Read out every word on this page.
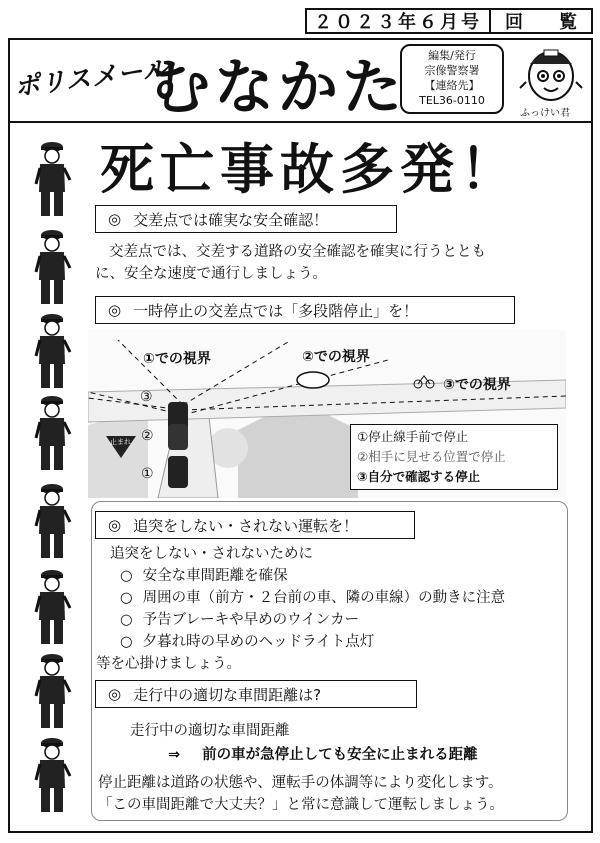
２０２３年６月号	回 覧
ポリスメール
むなかた	編集/発行
宗像警察署
【連絡先】
TEL36-0110
ふっけい君
死亡事故多発！
◎ 交差点では確実な安全確認！
交差点では、交差する道路の安全確認を確実に行うととも
に、安全な速度で通行しましょう。
◎ 一時停止の交差点では「多段階停止」を！
①での視界	②での視界
③での視界
③
②
①
止まれ	①停止線手前で停止
②相手に見せる位置で停止
③自分で確認する停止
◎ 追突をしない・されない運転を！
追突をしない・されないために
○ 安全な車間距離を確保
○ 周囲の車（前方・２台前の車、隣の車線）の動きに注意
○ 予告ブレーキや早めのウインカー
○ 夕暮れ時の早めのヘッドライト点灯
等を心掛けましょう。
◎ 走行中の適切な車間距離は?
走行中の適切な車間距離
⇒ 前の車が急停止しても安全に止まれる距離
停止距離は道路の状態や、運転手の体調等により変化します。
「この車間距離で大丈夫？」と常に意識して運転しましょう。
